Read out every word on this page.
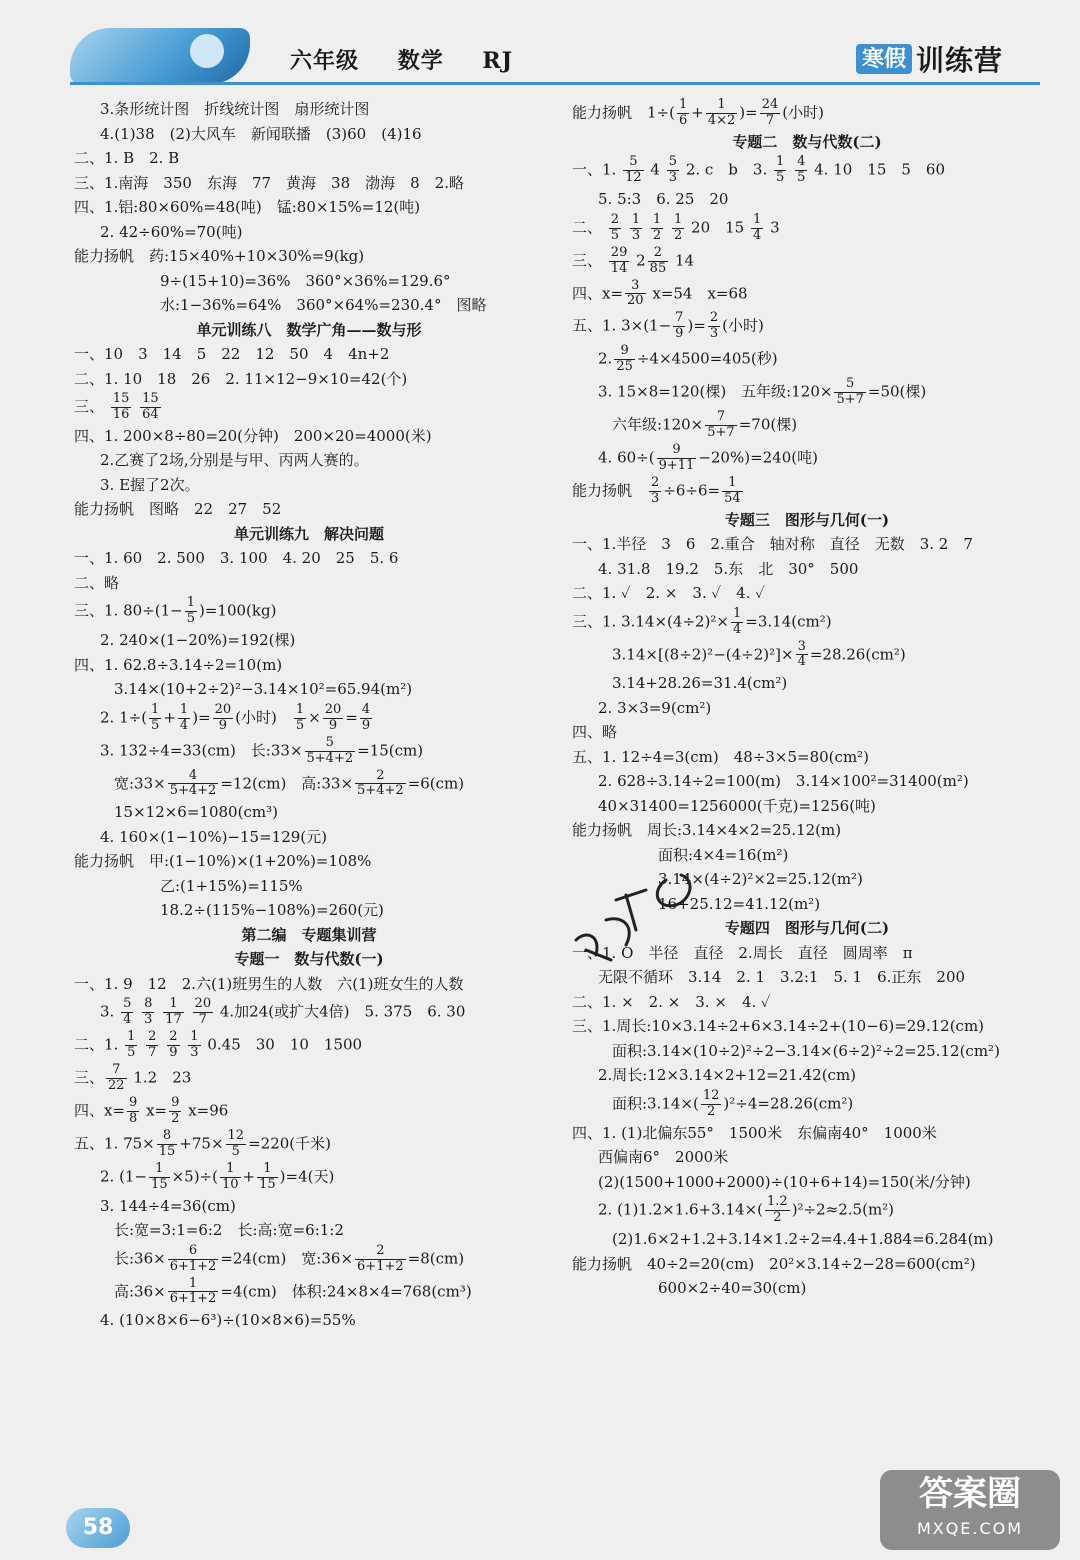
六年级 数学 RJ	寒假 训练营
3.条形统计图　折线统计图　扇形统计图
4.(1)38　(2)大风车　新闻联播　(3)60　(4)16
二、1. B　2. B
三、1.南海　350　东海　77　黄海　38　渤海　8　2.略
四、1.铝:80×60%=48(吨)　锰:80×15%=12(吨)
2. 42÷60%=70(吨)
能力扬帆　药:15×40%+10×30%=9(kg)
9÷(15+10)=36%　360°×36%=129.6°
水:1−36%=64%　360°×64%=230.4°　图略
单元训练八　数学广角——数与形
一、10　3　14　5　22　12　50　4　4n+2
二、1. 10　18　26　2. 11×12−9×10=42(个)
三、 $\frac{15}{16}$
$\frac{15}{64}$
四、1. 200×8÷80=20(分钟)　200×20=4000(米)
2.乙赛了2场,分别是与甲、丙两人赛的。
3. E握了2次。
能力扬帆　图略　22　27　52
单元训练九　解决问题
一、1. 60　2. 500　3. 100　4. 20　25　5. 6
二、略
三、1. $80\div(1- \frac{1}{5} )=100(kg)$
2. 240×(1−20%)=192(棵)
四、1. 62.8÷3.14÷2=10(m)
3.14×(10+2÷2)²−3.14×10²=65.94(m²)
2. $1\div( \frac{1}{5} + \frac{1}{4}$ )= $\frac{20}{9}$ (小时)　 $\frac{1}{5} \times \frac{20}{9} = \frac{4}{9}$
3. 132÷4=33(cm)　长:33× $\frac{5}{5+4+2} =15(cm)$
宽:33× $\frac{4}{5+4+2} =12(cm)$　高:33× $\frac{2}{5+4+2} =6(cm)$
15×12×6=1080(cm³)
4. 160×(1−10%)−15=129(元)
能力扬帆　甲:(1−10%)×(1+20%)=108%
乙:(1+15%)=115%
18.2÷(115%−108%)=260(元)
第二编　专题集训营
专题一　数与代数(一)
一、1. 9　12　2.六(1)班男生的人数　六(1)班女生的人数
3. $\frac{5}{4}$
$\frac{8}{3}$
$\frac{1}{17}$
$\frac{20}{7} 4$.加24(或扩大4倍)　5. 375　6. 30
二、1. $\frac{1}{5}$
$\frac{2}{7}$
$\frac{2}{9}$
$\frac{1}{3} 0.45$　30　10　1500
三、 $\frac{7}{22} 1.2$　23
四、$x= \frac{9}{8} x= \frac{9}{2} x=96$
五、1. $75\times \frac{8}{15} +75\times \frac{12}{5} =220$(千米)
2. $(1- \frac{1}{15} \times 5)\div( \frac{1}{10} + \frac{1}{15} )=4$(天)
3. 144÷4=36(cm)
长:宽=3:1=6:2　长:高:宽=6:1:2
长:36× $\frac{6}{6+1+2} =24(cm)$　宽:36× $\frac{2}{6+1+2} =8(cm)$
高:36× $\frac{1}{6+1+2} =4(cm)$　体积:24×8×4=768(cm³)
4. (10×8×6−6³)÷(10×8×6)=55%
能力扬帆　$1\div( \frac{1}{6} + \frac{1}{4\times 2}$ )= $\frac{24}{7}$ (小时)
专题二　数与代数(二)
一、1. $\frac{5}{12} 4 \frac{5}{3} 2$. c　b　3. $\frac{1}{5}$
$\frac{4}{5} 4$. 10　15　5　60
5. 5:3　6. 25　20
二、 $\frac{2}{5}$
$\frac{1}{3}$
$\frac{1}{2}$
$\frac{1}{2} 20$　$15 \frac{1}{4} 3$
三、 $\frac{29}{14} 2 \frac{2}{85} 14$
四、$x= \frac{3}{20} x=54$　x=68
五、1. $3\times(1- \frac{7}{9}$ )= $\frac{2}{3}$ (小时)
2. $\frac{9}{25} \div 4\times 4500=405$(秒)
3. 15×8=120(棵)　五年级:120× $\frac{5}{5+7} =50$(棵)
六年级:120× $\frac{7}{5+7} =70$(棵)
4. $60\div( \frac{9}{9+11} -20\%)=240$(吨)
能力扬帆　 $\frac{2}{3} \div 6\div 6= \frac{1}{54}$
专题三　图形与几何(一)
一、1.半径　3　6　2.重合　轴对称　直径　无数　3. 2　7
4. 31.8　19.2　5.东　北　30°　500
二、1. ✓　2. ×　3. ✓　4. ✓
三、1. $3.14\times(4\div 2)^2\times \frac{1}{4} =3.14(cm^2)$
$3.14\times[(8\div 2)^2-(4\div 2)^2]\times \frac{3}{4} =28.26(cm^2)$
3.14+28.26=31.4(cm²)
2. 3×3=9(cm²)
四、略
五、1. 12÷4=3(cm)　48÷3×5=80(cm²)
2. 628÷3.14÷2=100(m)　3.14×100²=31400(m²)
40×31400=1256000(千克)=1256(吨)
能力扬帆　周长:3.14×4×2=25.12(m)
面积:4×4=16(m²)
3.14×(4÷2)²×2=25.12(m²)
16+25.12=41.12(m²)
专题四　图形与几何(二)
一、1. O　半径　直径　2.周长　直径　圆周率　π
无限不循环　3.14　2. 1　3.2:1　5. 1　6.正东　200
二、1. ×　2. ×　3. ×　4. ✓
三、1.周长:10×3.14÷2+6×3.14÷2+(10−6)=29.12(cm)
面积:3.14×(10÷2)²÷2−3.14×(6÷2)²÷2=25.12(cm²)
2.周长:12×3.14×2+12=21.42(cm)
面积:3.14×( $\frac{12}{2} )^2\div 4=28.26(cm^2)$
四、1. (1)北偏东55°　1500米　东偏南40°　1000米
西偏南6°　2000米
(2)(1500+1000+2000)÷(10+6+14)=150(米/分钟)
2. $(1)1.2\times 1.6+3.14\times( \frac{1.2}{2} )^2\div 2\approx 2.5(m^2)$
(2)1.6×2+1.2+3.14×1.2÷2=4.4+1.884=6.284(m)
能力扬帆　40÷2=20(cm)　20²×3.14÷2−28=600(cm²)
600×2÷40=30(cm)
58
答案圈
MXQE.COM
